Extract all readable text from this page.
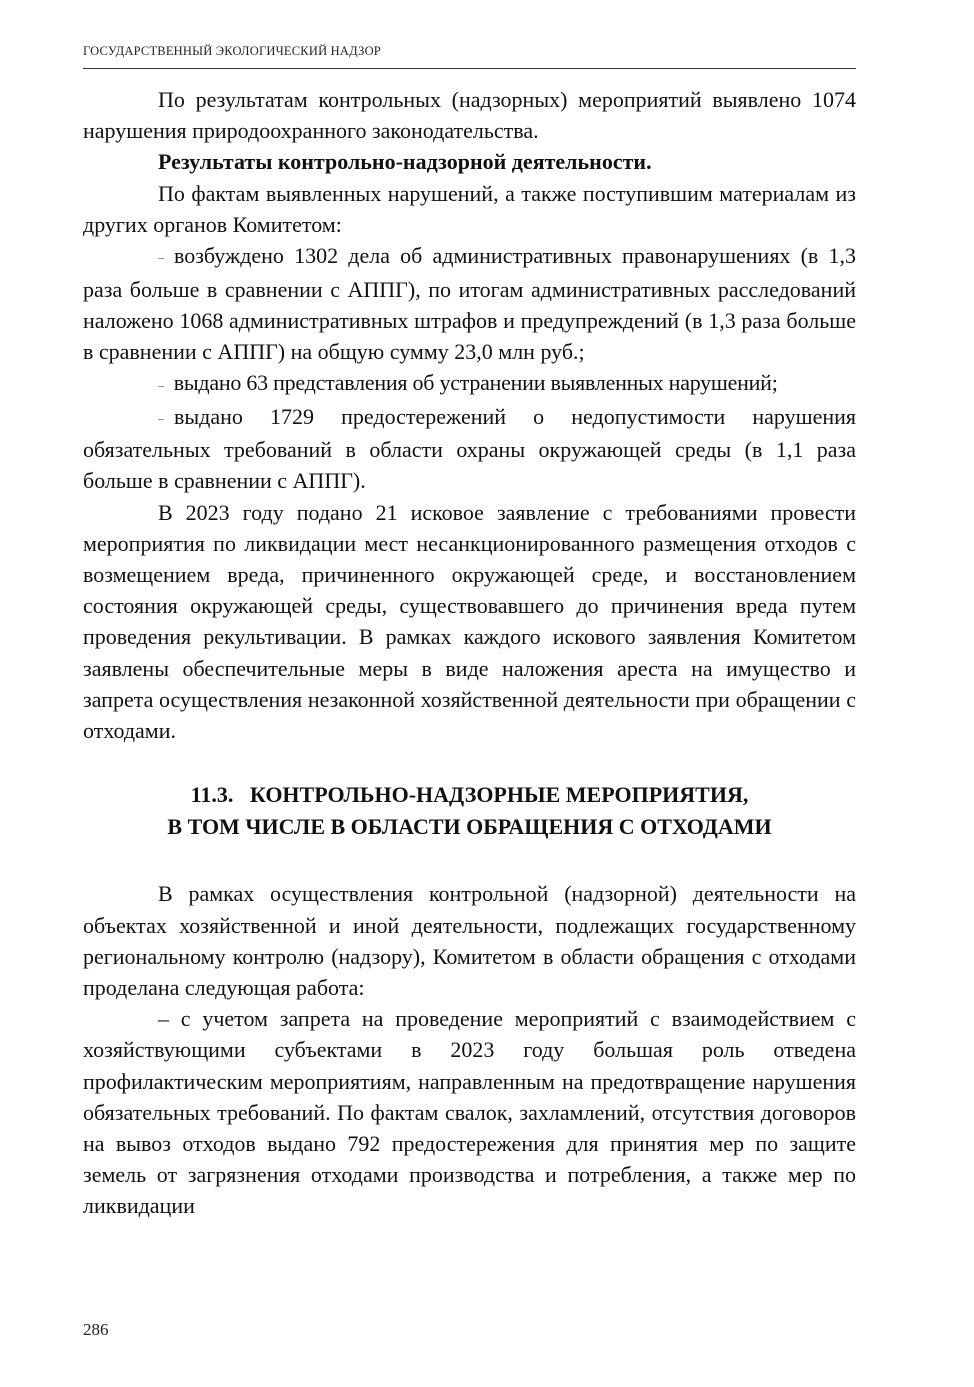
ГОСУДАРСТВЕННЫЙ ЭКОЛОГИЧЕСКИЙ НАДЗОР

По результатам контрольных (надзорных) мероприятий выявлено 1074 нарушения природоохранного законодательства.

Результаты контрольно-надзорной деятельности.

По фактам выявленных нарушений, а также поступившим материалам из других органов Комитетом:

– возбуждено 1302 дела об административных правонарушениях (в 1,3 раза больше в сравнении с АППГ), по итогам административных расследований наложено 1068 административных штрафов и предупреждений (в 1,3 раза больше в сравнении с АППГ) на общую сумму 23,0 млн руб.;

– выдано 63 представления об устранении выявленных нарушений;

– выдано 1729 предостережений о недопустимости нарушения обязательных требований в области охраны окружающей среды (в 1,1 раза больше в сравнении с АППГ).

В 2023 году подано 21 исковое заявление с требованиями провести мероприятия по ликвидации мест несанкционированного размещения отходов с возмещением вреда, причиненного окружающей среде, и восстановлением состояния окружающей среды, существовавшего до причинения вреда путем проведения рекультивации. В рамках каждого искового заявления Комитетом заявлены обеспечительные меры в виде наложения ареста на имущество и запрета осуществления незаконной хозяйственной деятельности при обращении с отходами.

11.3.   КОНТРОЛЬНО-НАДЗОРНЫЕ МЕРОПРИЯТИЯ,
В ТОМ ЧИСЛЕ В ОБЛАСТИ ОБРАЩЕНИЯ С ОТХОДАМИ

В рамках осуществления контрольной (надзорной) деятельности на объектах хозяйственной и иной деятельности, подлежащих государственному региональному контролю (надзору), Комитетом в области обращения с отходами проделана следующая работа:

– с учетом запрета на проведение мероприятий с взаимодействием с хозяйствующими субъектами в 2023 году большая роль отведена профилактическим мероприятиям, направленным на предотвращение нарушения обязательных требований. По фактам свалок, захламлений, отсутствия договоров на вывоз отходов выдано 792 предостережения для принятия мер по защите земель от загрязнения отходами производства и потребления, а также мер по ликвидации

286
